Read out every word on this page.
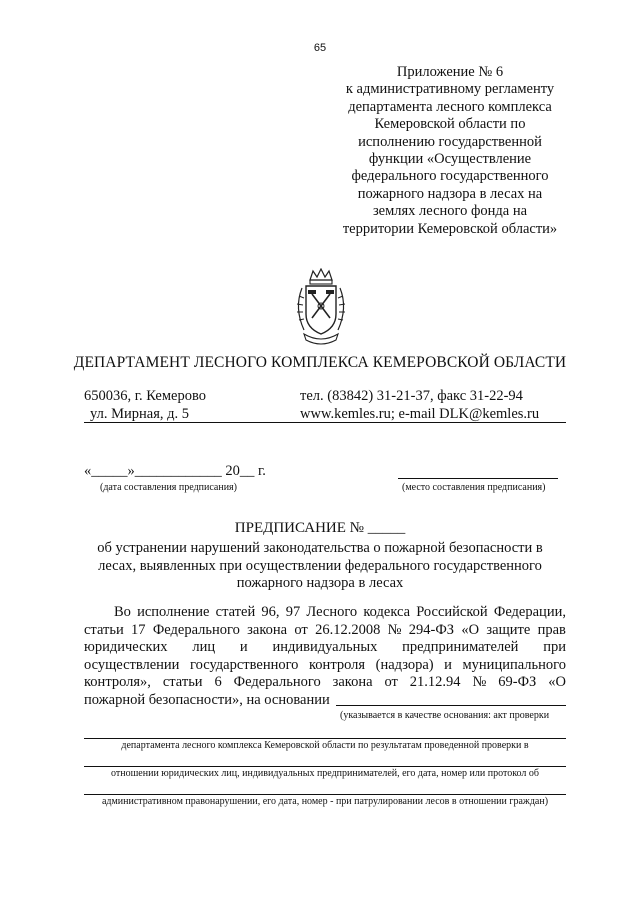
65
Приложение № 6
к административному регламенту
департамента лесного комплекса
Кемеровской области по
исполнению государственной
функции «Осуществление
федерального государственного
пожарного надзора в лесах на
землях лесного фонда на
территории Кемеровской области»
ДЕПАРТАМЕНТ ЛЕСНОГО КОМПЛЕКСА КЕМЕРОВСКОЙ ОБЛАСТИ
650036, г. Кемерово
ул. Мирная, д. 5
тел. (83842) 31-21-37, факс 31-22-94
www.kemles.ru; e-mail DLK@kemles.ru
«_____»____________ 20__ г.
(дата составления предписания)	(место составления предписания)
ПРЕДПИСАНИЕ № _____
об устранении нарушений законодательства о пожарной безопасности в
лесах, выявленных при осуществлении федерального государственного
пожарного надзора в лесах
Во исполнение статей 96, 97 Лесного кодекса Российской Федерации,
статьи 17 Федерального закона от 26.12.2008 № 294-ФЗ «О защите прав
юридических лиц и индивидуальных предпринимателей при
осуществлении государственного контроля (надзора) и муниципального
контроля», статьи 6 Федерального закона от 21.12.94 № 69-ФЗ «О
пожарной безопасности», на основании
(указывается в качестве основания: акт проверки
департамента лесного комплекса Кемеровской области по результатам проведенной проверки в
отношении юридических лиц, индивидуальных предпринимателей, его дата, номер или протокол об
административном правонарушении, его дата, номер - при патрулировании лесов в отношении граждан)
